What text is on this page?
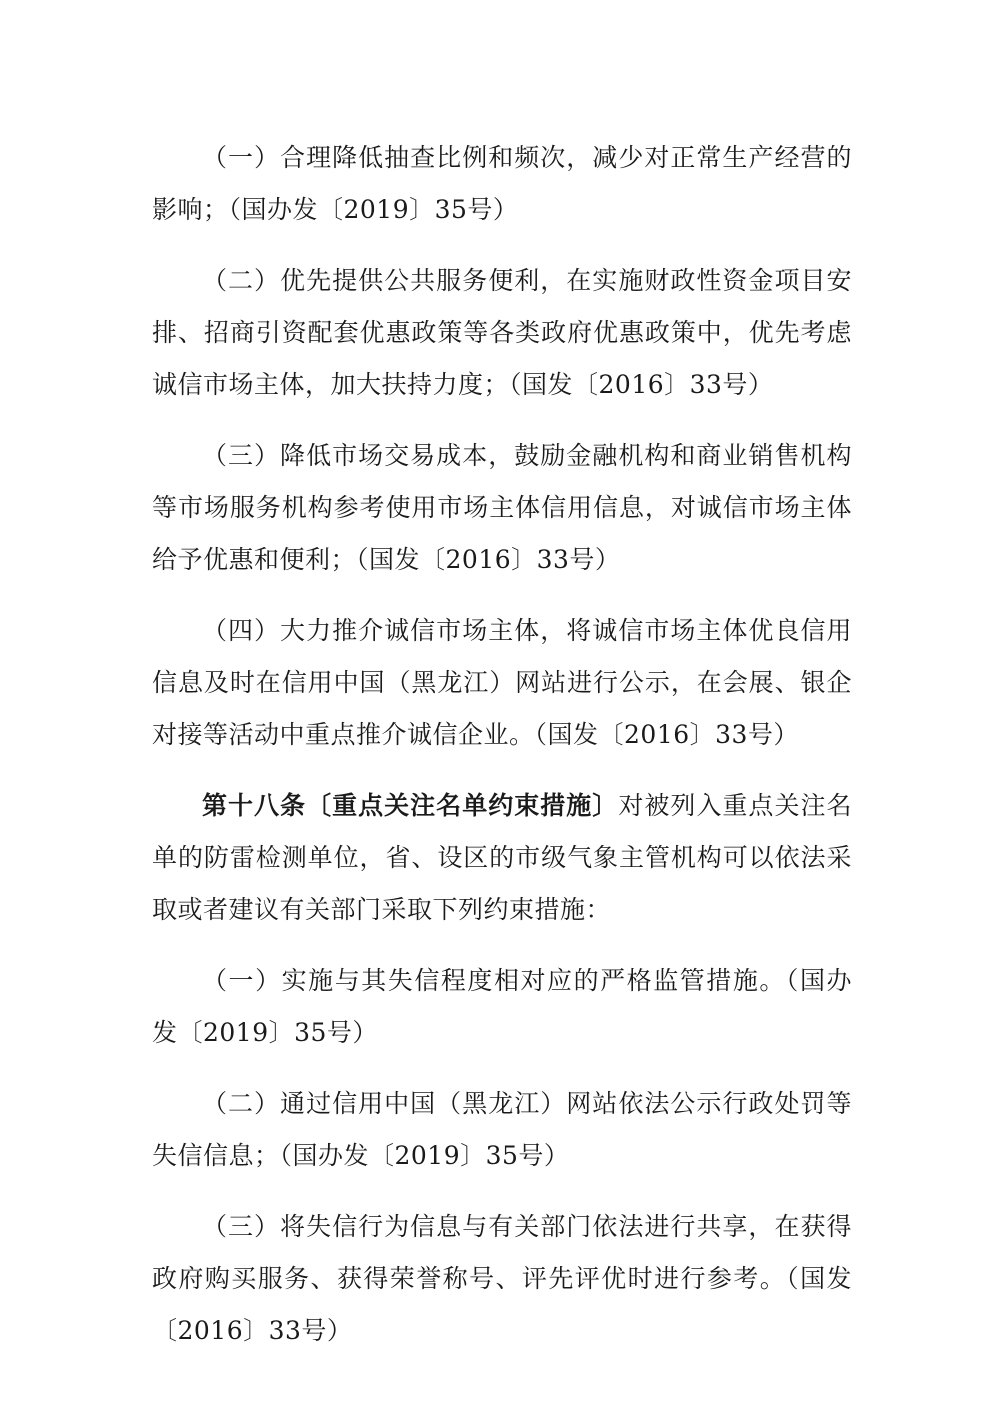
（一）合理降低抽查比例和频次，减少对正常生产经营的影响；（国办发〔2019〕35号）

（二）优先提供公共服务便利，在实施财政性资金项目安排、招商引资配套优惠政策等各类政府优惠政策中，优先考虑诚信市场主体，加大扶持力度；（国发〔2016〕33号）

（三）降低市场交易成本，鼓励金融机构和商业销售机构等市场服务机构参考使用市场主体信用信息，对诚信市场主体给予优惠和便利；（国发〔2016〕33号）

（四）大力推介诚信市场主体，将诚信市场主体优良信用信息及时在信用中国（黑龙江）网站进行公示，在会展、银企对接等活动中重点推介诚信企业。（国发〔2016〕33号）

第十八条〔重点关注名单约束措施〕对被列入重点关注名单的防雷检测单位，省、设区的市级气象主管机构可以依法采取或者建议有关部门采取下列约束措施：

（一）实施与其失信程度相对应的严格监管措施。（国办发〔2019〕35号）

（二）通过信用中国（黑龙江）网站依法公示行政处罚等失信信息；（国办发〔2019〕35号）

（三）将失信行为信息与有关部门依法进行共享，在获得政府购买服务、获得荣誉称号、评先评优时进行参考。（国发〔2016〕33号）
